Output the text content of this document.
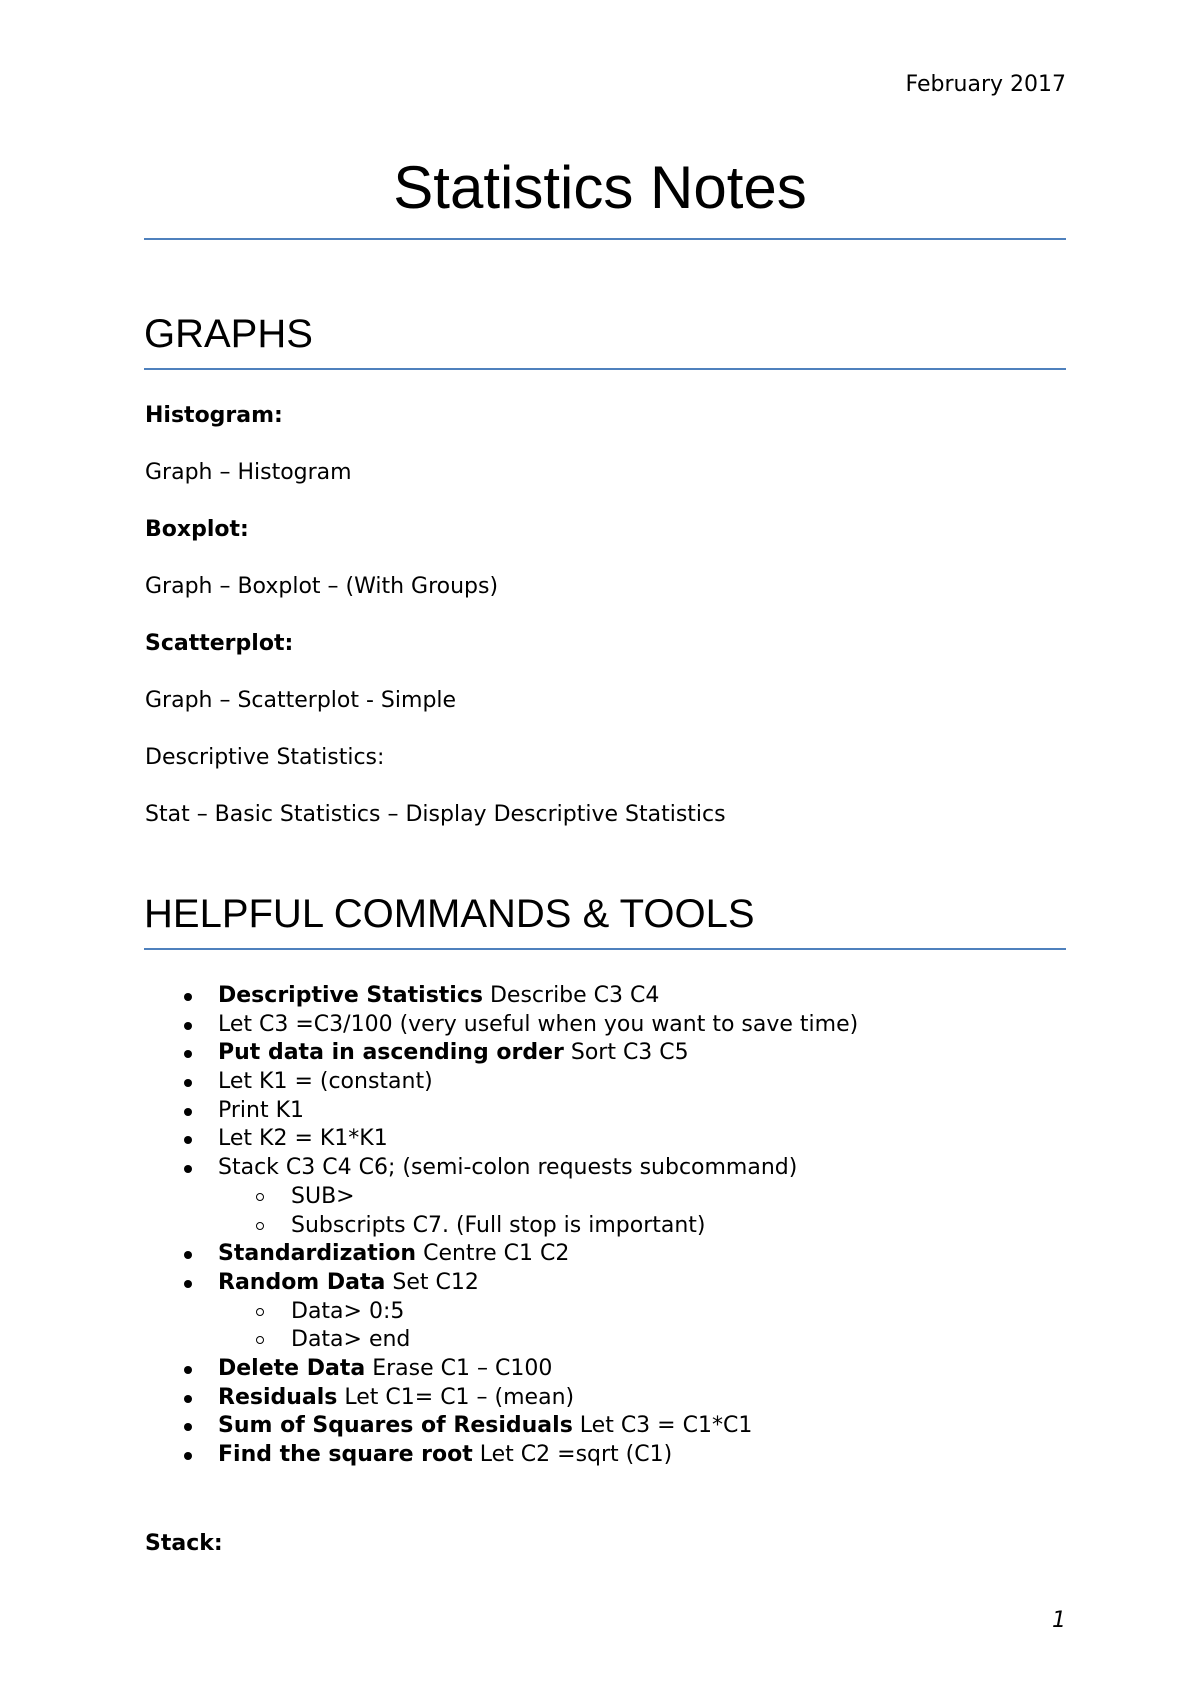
February 2017
Statistics Notes
GRAPHS
Histogram:
Graph – Histogram
Boxplot:
Graph – Boxplot – (With Groups)
Scatterplot:
Graph – Scatterplot - Simple
Descriptive Statistics:
Stat – Basic Statistics – Display Descriptive Statistics
HELPFUL COMMANDS & TOOLS
Descriptive Statistics Describe C3 C4
Let C3 =C3/100 (very useful when you want to save time)
Put data in ascending order Sort C3 C5
Let K1 = (constant)
Print K1
Let K2 = K1*K1
Stack C3 C4 C6; (semi-colon requests subcommand)
SUB>
Subscripts C7. (Full stop is important)
Standardization Centre C1 C2
Random Data Set C12
Data> 0:5
Data> end
Delete Data Erase C1 – C100
Residuals Let C1= C1 – (mean)
Sum of Squares of Residuals Let C3 = C1*C1
Find the square root Let C2 =sqrt (C1)
Stack:
1
